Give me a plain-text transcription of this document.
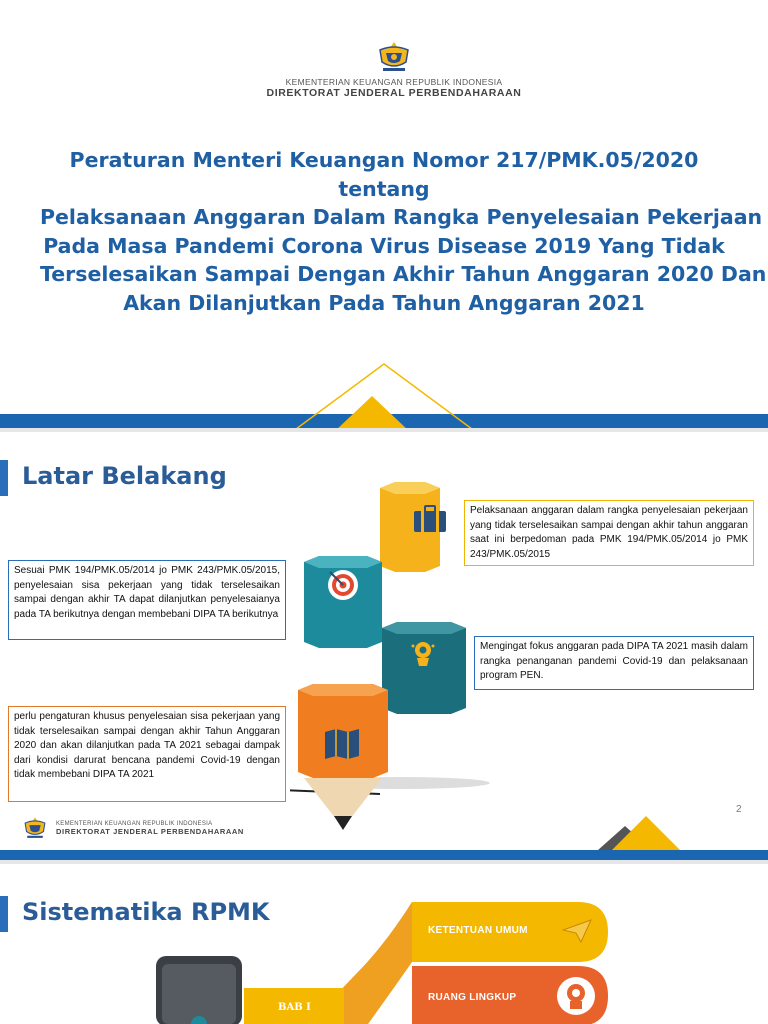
KEMENTERIAN KEUANGAN REPUBLIK INDONESIA
DIREKTORAT JENDERAL PERBENDAHARAAN
Peraturan Menteri Keuangan Nomor 217/PMK.05/2020
tentang
Pelaksanaan Anggaran Dalam Rangka Penyelesaian Pekerjaan
Pada Masa Pandemi Corona Virus Disease 2019 Yang Tidak
Terselesaikan Sampai Dengan Akhir Tahun Anggaran 2020 Dan
Akan Dilanjutkan Pada Tahun Anggaran 2021
Latar Belakang
Pelaksanaan anggaran dalam rangka penyelesaian pekerjaan yang tidak terselesaikan sampai dengan akhir tahun anggaran saat ini berpedoman pada PMK 194/PMK.05/2014 jo PMK 243/PMK.05/2015
Sesuai PMK 194/PMK.05/2014 jo PMK 243/PMK.05/2015, penyelesaian sisa pekerjaan yang tidak terselesaikan sampai dengan akhir TA dapat dilanjutkan penyelesaianya pada TA berikutnya dengan membebani DIPA TA berikutnya
Mengingat fokus anggaran pada DIPA TA 2021 masih dalam rangka penanganan pandemi Covid-19 dan pelaksanaan program PEN.
perlu pengaturan khusus penyelesaian sisa pekerjaan yang tidak terselesaikan sampai dengan akhir Tahun Anggaran 2020 dan akan dilanjutkan pada TA 2021 sebagai dampak dari kondisi darurat bencana pandemi Covid-19 dengan tidak membebani DIPA TA 2021
KEMENTERIAN KEUANGAN REPUBLIK INDONESIA
DIREKTORAT JENDERAL PERBENDAHARAAN
2
Sistematika RPMK
KETENTUAN UMUM
RUANG LINGKUP
BAB I
